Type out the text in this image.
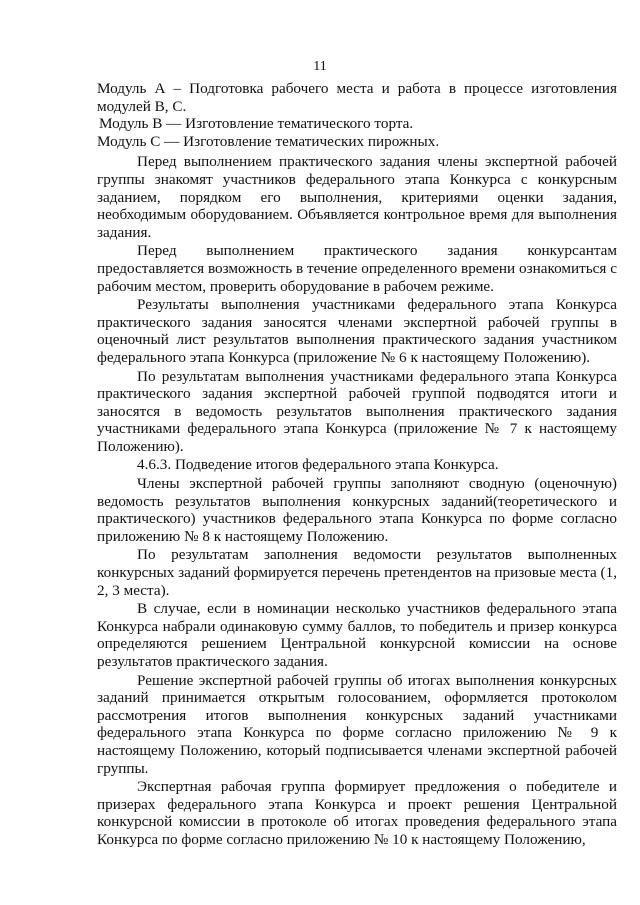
11

Модуль А – Подготовка рабочего места и работа в процессе изготовления модулей В, С.

Модуль В — Изготовление тематического торта.

Модуль С — Изготовление тематических пирожных.

Перед выполнением практического задания члены экспертной рабочей группы знакомят участников федерального этапа Конкурса с конкурсным заданием, порядком его выполнения, критериями оценки задания, необходимым оборудованием. Объявляется контрольное время для выполнения задания.

Перед выполнением практического задания конкурсантам предоставляется возможность в течение определенного времени ознакомиться с рабочим местом, проверить оборудование в рабочем режиме.

Результаты выполнения участниками федерального этапа Конкурса практического задания заносятся членами экспертной рабочей группы в оценочный лист результатов выполнения практического задания участником федерального этапа Конкурса (приложение № 6 к настоящему Положению).

По результатам выполнения участниками федерального этапа Конкурса практического задания экспертной рабочей группой подводятся итоги и заносятся в ведомость результатов выполнения практического задания участниками федерального этапа Конкурса (приложение № 7 к настоящему Положению).

4.6.3. Подведение итогов федерального этапа Конкурса.

Члены экспертной рабочей группы заполняют сводную (оценочную) ведомость результатов выполнения конкурсных заданий(теоретического и практического) участников федерального этапа Конкурса по форме согласно приложению № 8 к настоящему Положению.

По результатам заполнения ведомости результатов выполненных конкурсных заданий формируется перечень претендентов на призовые места (1, 2, 3 места).

В случае, если в номинации несколько участников федерального этапа Конкурса набрали одинаковую сумму баллов, то победитель и призер конкурса определяются решением Центральной конкурсной комиссии на основе результатов практического задания.

Решение экспертной рабочей группы об итогах выполнения конкурсных заданий принимается открытым голосованием, оформляется протоколом рассмотрения итогов выполнения конкурсных заданий участниками федерального этапа Конкурса по форме согласно приложению № 9 к настоящему Положению, который подписывается членами экспертной рабочей группы.

Экспертная рабочая группа формирует предложения о победителе и призерах федерального этапа Конкурса и проект решения Центральной конкурсной комиссии в протоколе об итогах проведения федерального этапа Конкурса по форме согласно приложению № 10 к настоящему Положению,
